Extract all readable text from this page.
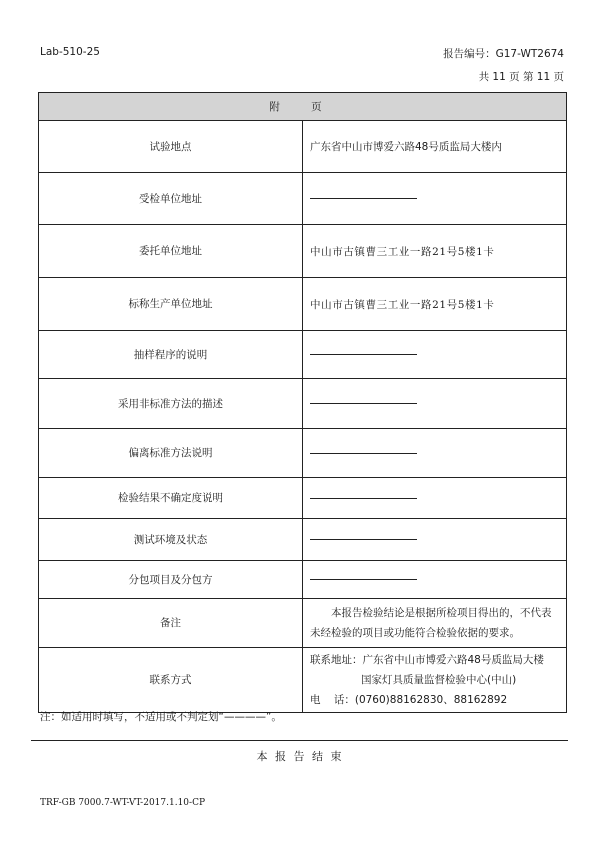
Lab-510-25	报告编号：G17-WT2674
共 11 页 第 11 页
附 页	
试验地点	广东省中山市博爱六路48号质监局大楼内
受检单位地址	
委托单位地址	中山市古镇曹三工业一路21号5楼1卡
标称生产单位地址	中山市古镇曹三工业一路21号5楼1卡
抽样程序的说明	
采用非标准方法的描述	
偏离标准方法说明	
检验结果不确定度说明	
测试环境及状态	
分包项目及分包方	
备注	本报告检验结论是根据所检项目得出的，不代表未经检验的项目或功能符合检验依据的要求。
联系方式	联系地址：广东省中山市博爱六路48号质监局大楼
国家灯具质量监督检验中心(中山)
电    话：(0760)88162830、88162892
注：如适用时填写，不适用或不判定划“————”。
本 报 告 结 束
TRF-GB 7000.7-WT-VT-2017.1.10-CP
